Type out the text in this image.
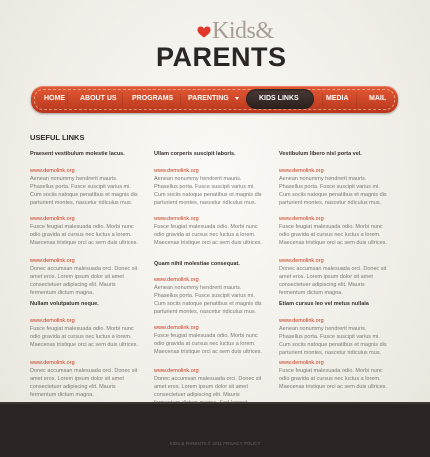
Kids&
PARENTS
HOME ABOUT US PROGRAMS PARENTING	KIDS LINKS	MEDIA	MAIL
USEFUL LINKS
Praesent vestibulum molestie lacus.
www.demolink.org
Aenean nonummy hendrerit mauris. Phasellus porta. Fusce suscipit varius mi. Cum sociis natoque penatibus et magnis dis parturient montes, nascetur ridiculus mus.
www.demolink.org
Fusce feugiat malesuada odio. Morbi nunc odio gravida at cursus nec luctus a lorem. Maecenas tristique orci ac sem duis ultrices.
www.demolink.org
Donec accumsan malesuada orci. Donec sit amet eros. Lorem ipsum dolor sit amet consectetuer adipiscing elit. Mauris fermentum dictum magna.
Nullam volutpatum neque.
www.demolink.org
Fusce feugiat malesuada odio. Morbi nunc odio gravida at cursus nec luctus a lorem. Maecenas tristique orci ac sem duis ultrices.
www.demolink.org
Donec accumsan malesuada orci. Donec sit amet eros. Lorem ipsum dolor sit amet consectetuer adipiscing elit. Mauris fermentum dictum magna.
Ullam corperis suscipit laboris.
www.demolink.org
Aenean nonummy hendrerit mauris. Phasellus porta. Fusce suscipit varius mi. Cum sociis natoque penatibus et magnis dis parturient montes, nascetur ridiculus mus.
www.demolink.org
Fusce feugiat malesuada odio. Morbi nunc odio gravida at cursus nec luctus a lorem. Maecenas tristique orci ac sem duis ultrices.
Quam nihil molestiae consequat.
www.demolink.org
Aenean nonummy hendrerit mauris. Phasellus porta. Fusce suscipit varius mi. Cum sociis natoque penatibus et magnis dis parturient montes, nascetur ridiculus mus.
www.demolink.org
Fusce feugiat malesuada odio. Morbi nunc odio gravida at cursus nec luctus a lorem. Maecenas tristique orci ac sem duis ultrices.
www.demolink.org
Donec accumsan malesuada orci. Donec sit amet eros. Lorem ipsum dolor sit amet consectetuer adipiscing elit. Mauris
Vestibulum libero nisl porta vel.
www.demolink.org
Aenean nonummy hendrerit mauris. Phasellus porta. Fusce suscipit varius mi. Cum sociis natoque penatibus et magnis dis parturient montes, nascetur ridiculus mus.
www.demolink.org
Fusce feugiat malesuada odio. Morbi nunc odio gravida at cursus nec luctus a lorem. Maecenas tristique orci ac sem duis ultrices.
www.demolink.org
Donec accumsan malesuada orci. Donec sit amet eros. Lorem ipsum dolor sit amet consectetuer adipiscing elit. Mauris fermentum dictum magna.
Etiam cursus leo vel metus nullala
www.demolink.org
Aenean nonummy hendrerit mauris. Phasellus porta. Fusce suscipit varius mi. Cum sociis natoque penatibus et magnis dis parturient montes, nascetur ridiculus mus.
www.demolink.org
Fusce feugiat malesuada odio. Morbi nunc odio gravida at cursus nec luctus a lorem. Maecenas tristique orci ac sem duis ultrices.
KIDS & PARENTS © 2011 PRIVACY POLICY
